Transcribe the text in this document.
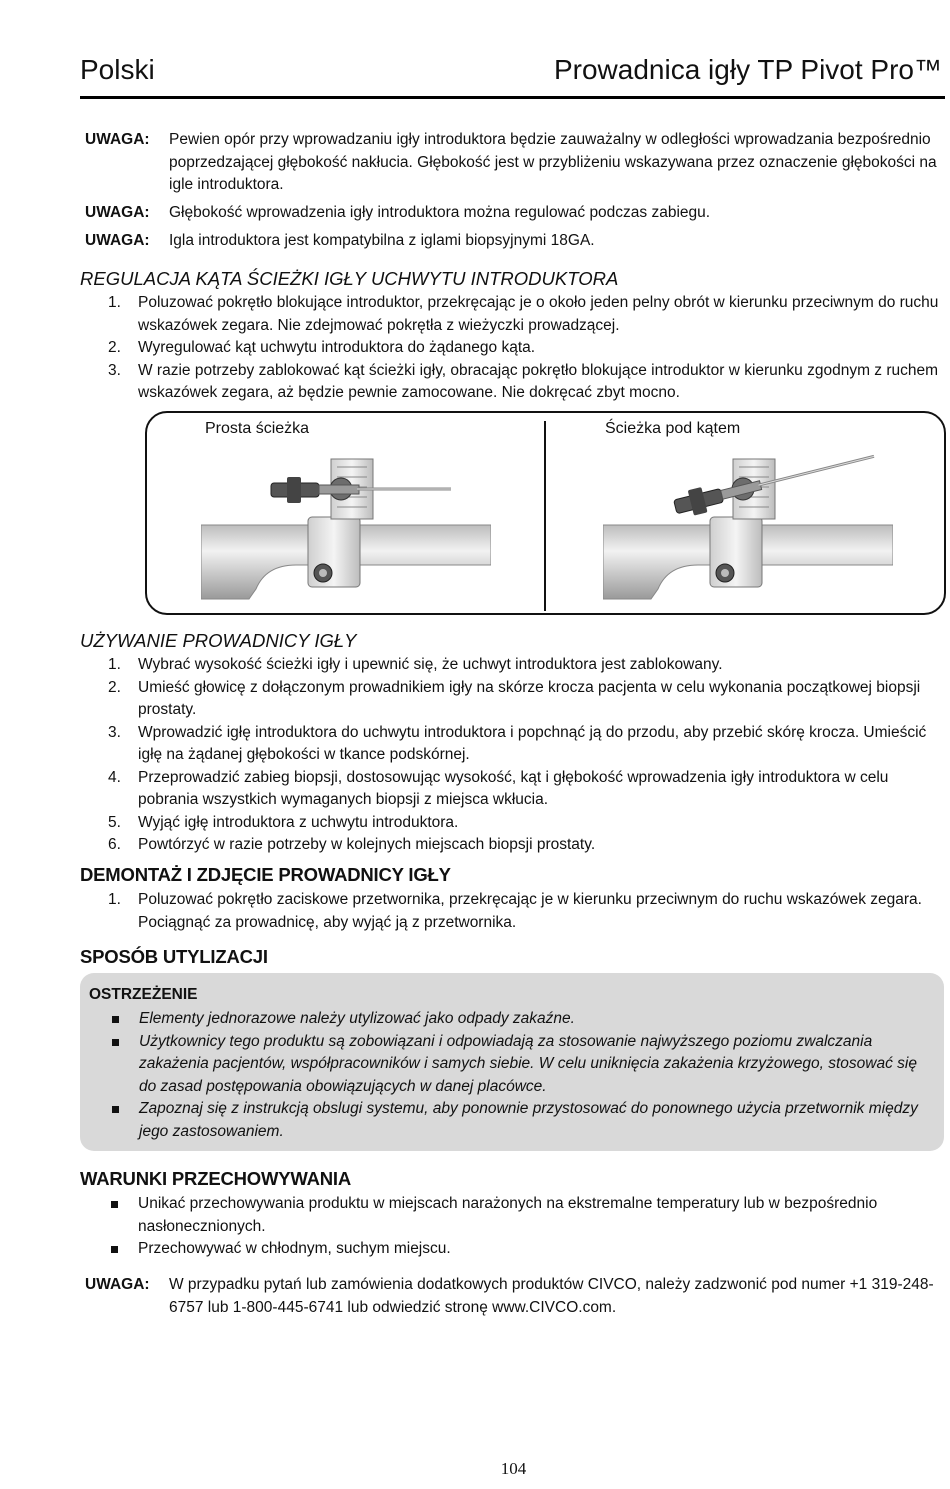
Polski	Prowadnica igły TP Pivot Pro™
UWAGA:	Pewien opór przy wprowadzaniu igły introduktora będzie zauważalny w odległości wprowadzania bezpośrednio poprzedzającej głębokość nakłucia. Głębokość jest w przybliżeniu wskazywana przez oznaczenie głębokości na igle introduktora.
UWAGA:	Głębokość wprowadzenia igły introduktora można regulować podczas zabiegu.
UWAGA:	Igla introduktora jest kompatybilna z iglami biopsyjnymi 18GA.
REGULACJA KĄTA ŚCIEŻKI IGŁY UCHWYTU INTRODUKTORA
1.	Poluzować pokrętło blokujące introduktor, przekręcając je o około jeden pelny obrót w kierunku przeciwnym do ruchu wskazówek zegara. Nie zdejmować pokrętła z wieżyczki prowadzącej.
2.	Wyregulować kąt uchwytu introduktora do żądanego kąta.
3.	W razie potrzeby zablokować kąt ścieżki igły, obracając pokrętło blokujące introduktor w kierunku zgodnym z ruchem wskazówek zegara, aż będzie pewnie zamocowane. Nie dokręcać zbyt mocno.
Prosta ścieżka	Ścieżka pod kątem
UŻYWANIE PROWADNICY IGŁY
1.	Wybrać wysokość ścieżki igły i upewnić się, że uchwyt introduktora jest zablokowany.
2.	Umieść głowicę z dołączonym prowadnikiem igły na skórze krocza pacjenta w celu wykonania początkowej biopsji prostaty.
3.	Wprowadzić igłę introduktora do uchwytu introduktora i popchnąć ją do przodu, aby przebić skórę krocza. Umieścić igłę na żądanej głębokości w tkance podskórnej.
4.	Przeprowadzić zabieg biopsji, dostosowując wysokość, kąt i głębokość wprowadzenia igły introduktora w celu pobrania wszystkich wymaganych biopsji z miejsca wkłucia.
5.	Wyjąć igłę introduktora z uchwytu introduktora.
6.	Powtórzyć w razie potrzeby w kolejnych miejscach biopsji prostaty.
DEMONTAŻ I ZDJĘCIE PROWADNICY IGŁY
1.	Poluzować pokrętło zaciskowe przetwornika, przekręcając je w kierunku przeciwnym do ruchu wskazówek zegara. Pociągnąć za prowadnicę, aby wyjąć ją z przetwornika.
SPOSÓB UTYLIZACJI
OSTRZEŻENIE
Elementy jednorazowe należy utylizować jako odpady zakaźne.
Użytkownicy tego produktu są zobowiązani i odpowiadają za stosowanie najwyższego poziomu zwalczania zakażenia pacjentów, współpracowników i samych siebie. W celu uniknięcia zakażenia krzyżowego, stosować się do zasad postępowania obowiązujących w danej placówce.
Zapoznaj się z instrukcją obslugi systemu, aby ponownie przystosować do ponownego użycia przetwornik między jego zastosowaniem.
WARUNKI PRZECHOWYWANIA
Unikać przechowywania produktu w miejscach narażonych na ekstremalne temperatury lub w bezpośrednio nasłonecznionych.
Przechowywać w chłodnym, suchym miejscu.
UWAGA:	W przypadku pytań lub zamówienia dodatkowych produktów CIVCO, należy zadzwonić pod numer +1 319-248-6757 lub 1-800-445-6741 lub odwiedzić stronę www.CIVCO.com.
104
